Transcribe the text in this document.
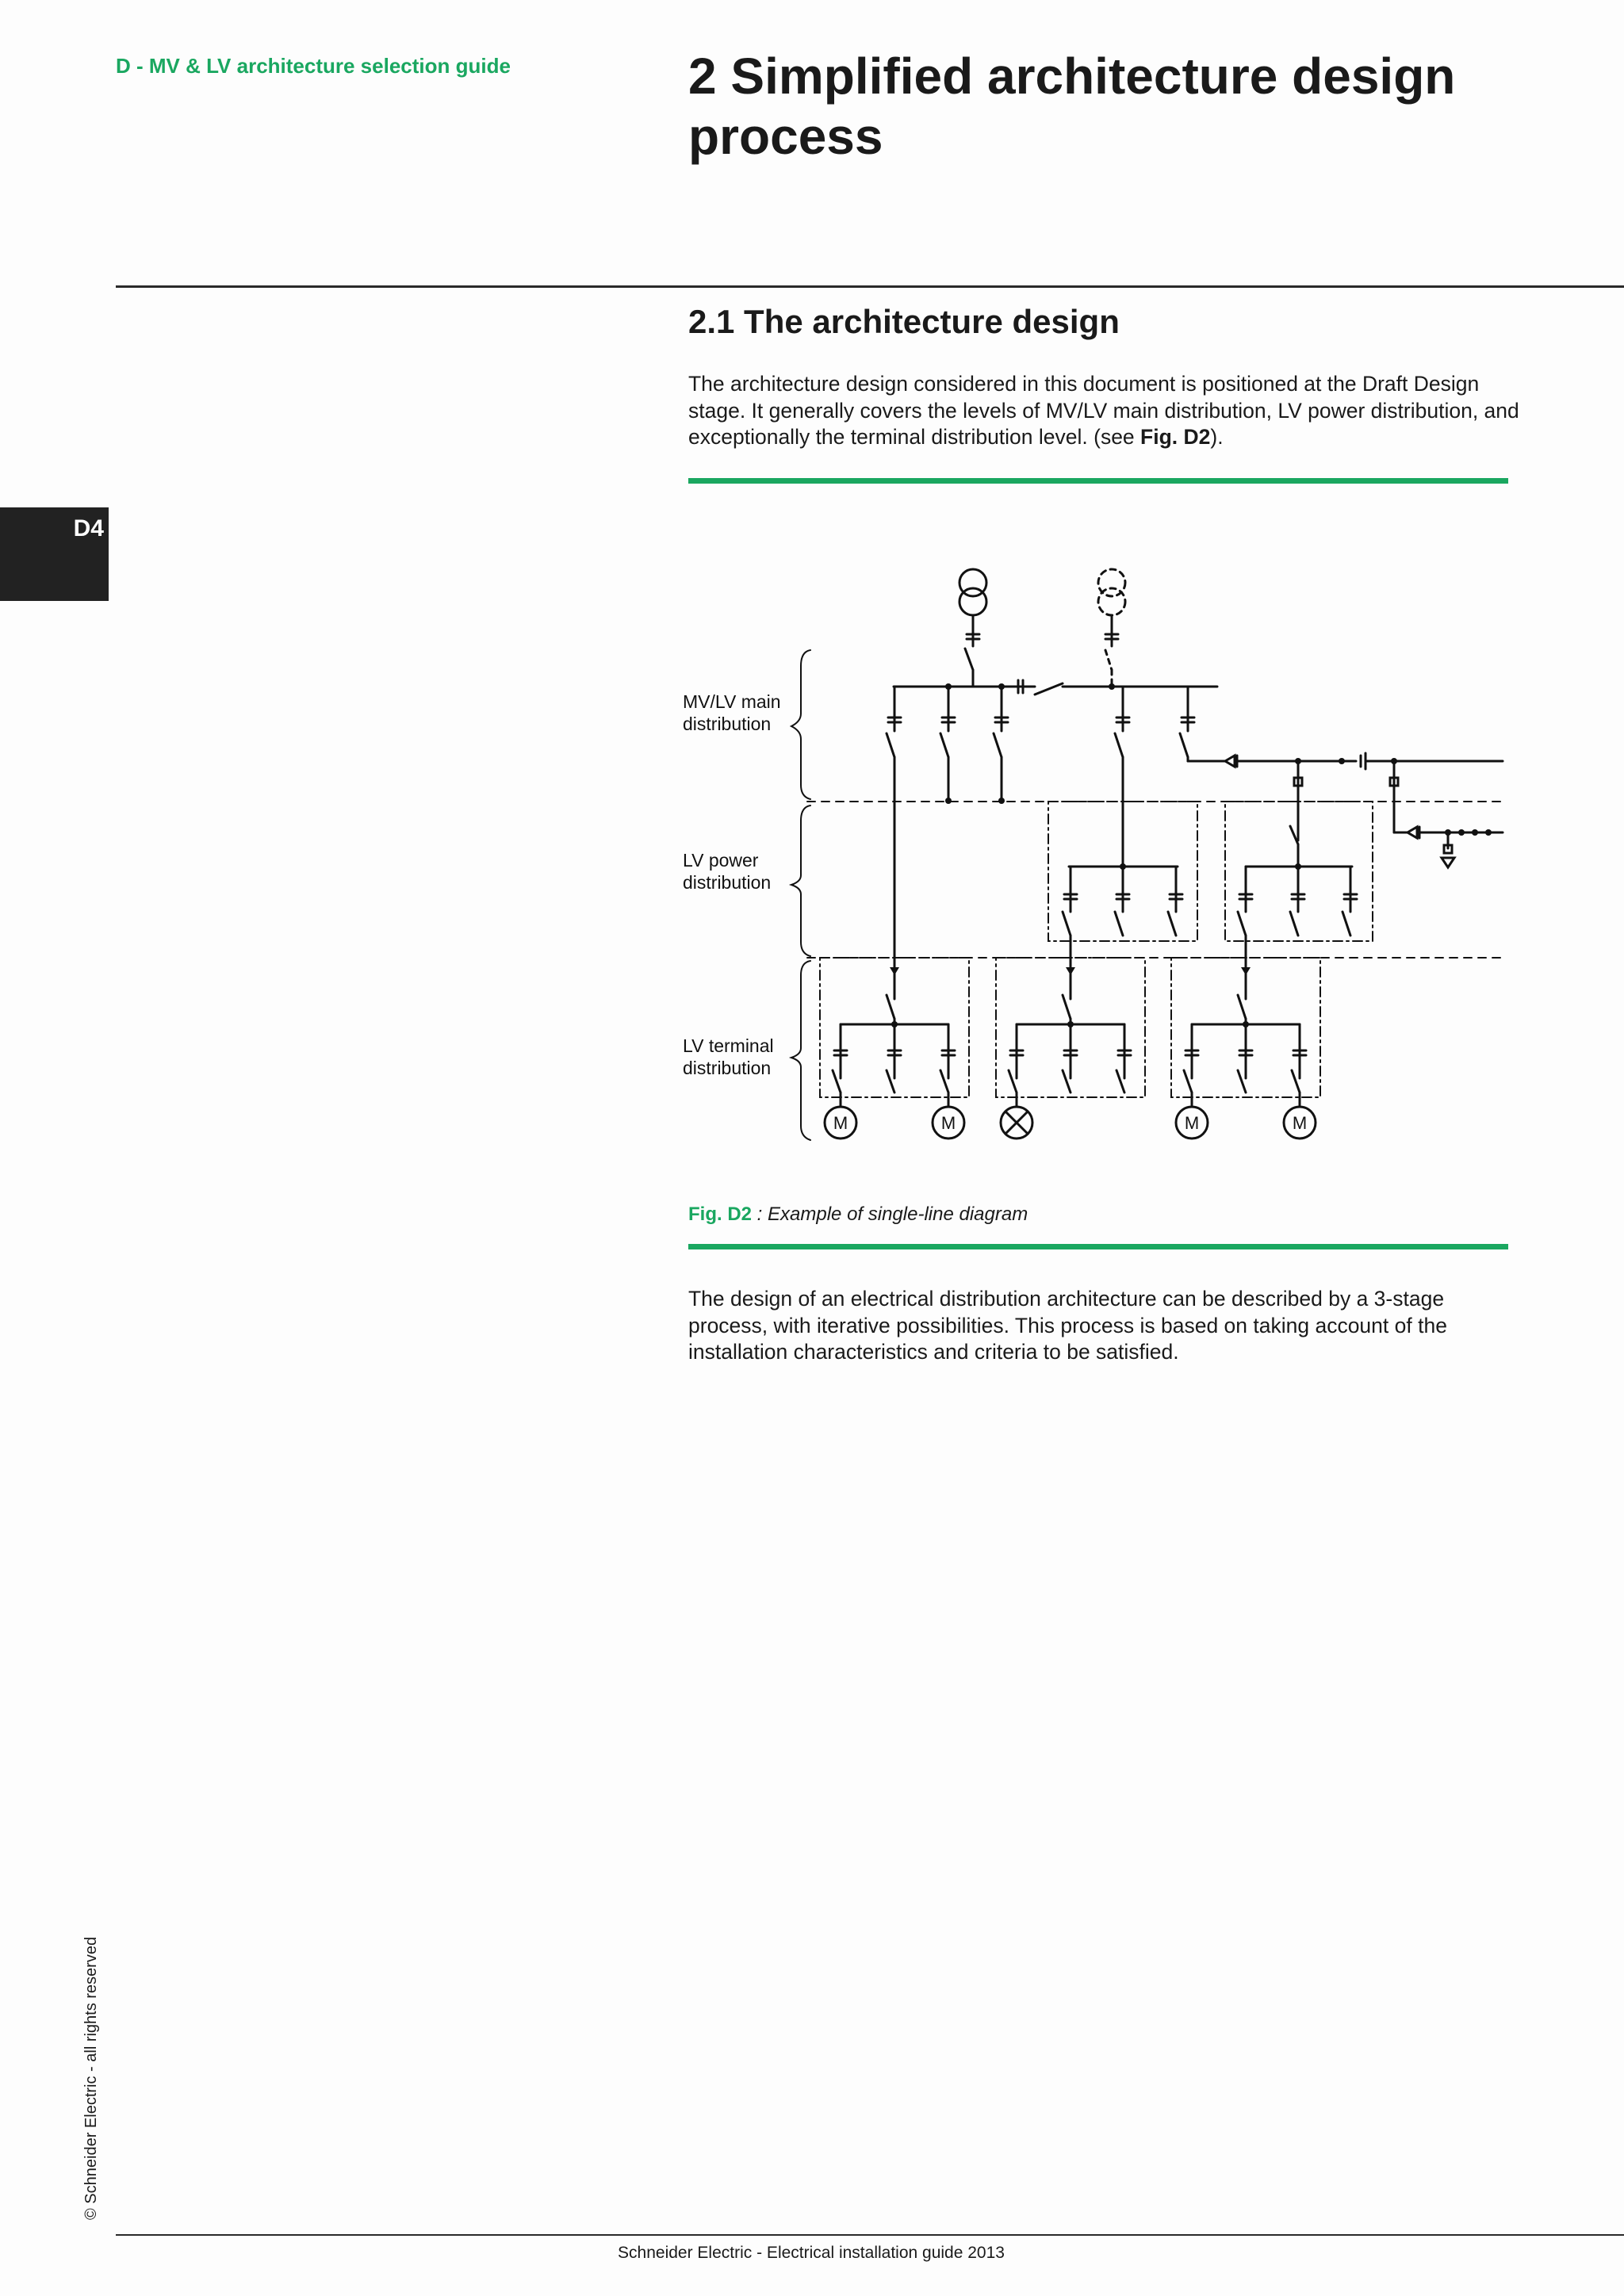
D - MV & LV architecture selection guide	2 Simplified architecture design process
D4
2.1 The architecture design

The architecture design considered in this document is positioned at the Draft Design stage. It generally covers the levels of MV/LV main distribution, LV power distribution, and exceptionally the terminal distribution level. (see Fig. D2).

MV/LV main
distribution
LV power
distribution
LV terminal
distribution
M	M	M	M
Fig. D2 : Example of single-line diagram

The design of an electrical distribution architecture can be described by a 3-stage process, with iterative possibilities. This process is based on taking account of the installation characteristics and criteria to be satisfied.

© Schneider Electric - all rights reserved
Schneider Electric - Electrical installation guide 2013
